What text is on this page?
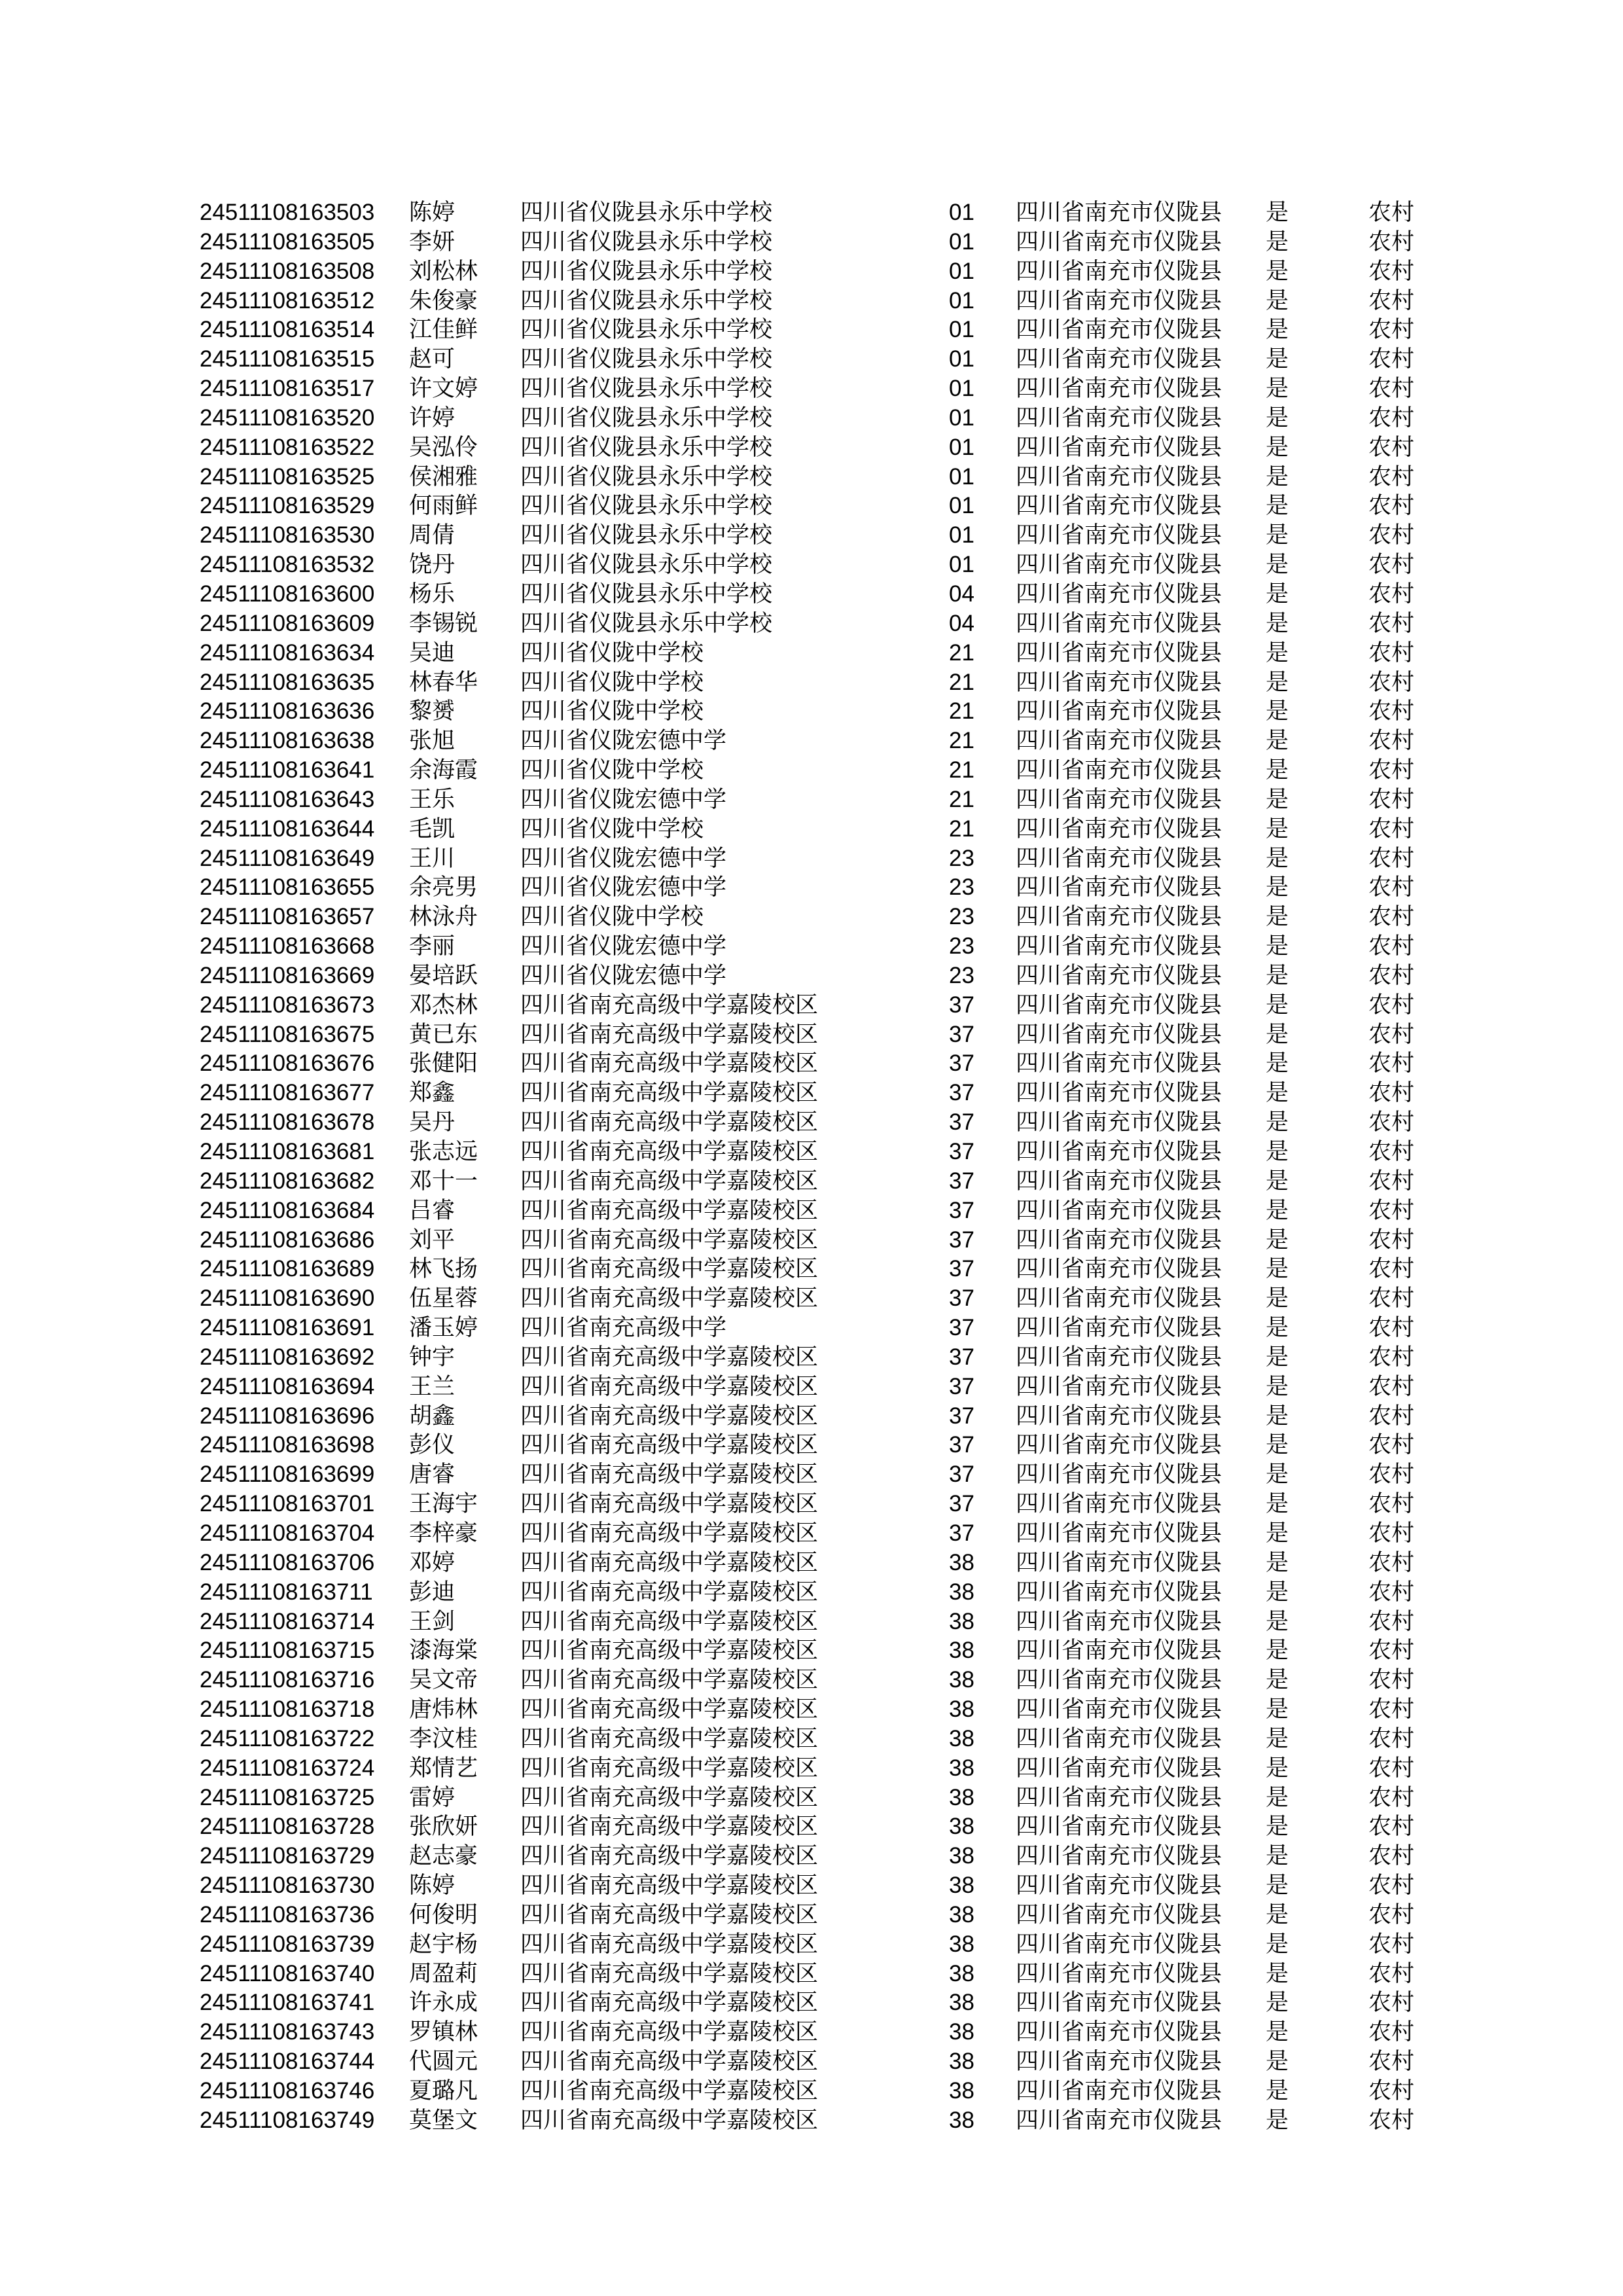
24511108163503	陈婷	四川省仪陇县永乐中学校	01	四川省南充市仪陇县	是	农村
24511108163505	李妍	四川省仪陇县永乐中学校	01	四川省南充市仪陇县	是	农村
24511108163508	刘松林	四川省仪陇县永乐中学校	01	四川省南充市仪陇县	是	农村
24511108163512	朱俊豪	四川省仪陇县永乐中学校	01	四川省南充市仪陇县	是	农村
24511108163514	江佳鲜	四川省仪陇县永乐中学校	01	四川省南充市仪陇县	是	农村
24511108163515	赵可	四川省仪陇县永乐中学校	01	四川省南充市仪陇县	是	农村
24511108163517	许文婷	四川省仪陇县永乐中学校	01	四川省南充市仪陇县	是	农村
24511108163520	许婷	四川省仪陇县永乐中学校	01	四川省南充市仪陇县	是	农村
24511108163522	吴泓伶	四川省仪陇县永乐中学校	01	四川省南充市仪陇县	是	农村
24511108163525	侯湘雅	四川省仪陇县永乐中学校	01	四川省南充市仪陇县	是	农村
24511108163529	何雨鲜	四川省仪陇县永乐中学校	01	四川省南充市仪陇县	是	农村
24511108163530	周倩	四川省仪陇县永乐中学校	01	四川省南充市仪陇县	是	农村
24511108163532	饶丹	四川省仪陇县永乐中学校	01	四川省南充市仪陇县	是	农村
24511108163600	杨乐	四川省仪陇县永乐中学校	04	四川省南充市仪陇县	是	农村
24511108163609	李锡锐	四川省仪陇县永乐中学校	04	四川省南充市仪陇县	是	农村
24511108163634	吴迪	四川省仪陇中学校	21	四川省南充市仪陇县	是	农村
24511108163635	林春华	四川省仪陇中学校	21	四川省南充市仪陇县	是	农村
24511108163636	黎赟	四川省仪陇中学校	21	四川省南充市仪陇县	是	农村
24511108163638	张旭	四川省仪陇宏德中学	21	四川省南充市仪陇县	是	农村
24511108163641	余海霞	四川省仪陇中学校	21	四川省南充市仪陇县	是	农村
24511108163643	王乐	四川省仪陇宏德中学	21	四川省南充市仪陇县	是	农村
24511108163644	毛凯	四川省仪陇中学校	21	四川省南充市仪陇县	是	农村
24511108163649	王川	四川省仪陇宏德中学	23	四川省南充市仪陇县	是	农村
24511108163655	余亮男	四川省仪陇宏德中学	23	四川省南充市仪陇县	是	农村
24511108163657	林泳舟	四川省仪陇中学校	23	四川省南充市仪陇县	是	农村
24511108163668	李丽	四川省仪陇宏德中学	23	四川省南充市仪陇县	是	农村
24511108163669	晏培跃	四川省仪陇宏德中学	23	四川省南充市仪陇县	是	农村
24511108163673	邓杰林	四川省南充高级中学嘉陵校区	37	四川省南充市仪陇县	是	农村
24511108163675	黄已东	四川省南充高级中学嘉陵校区	37	四川省南充市仪陇县	是	农村
24511108163676	张健阳	四川省南充高级中学嘉陵校区	37	四川省南充市仪陇县	是	农村
24511108163677	郑鑫	四川省南充高级中学嘉陵校区	37	四川省南充市仪陇县	是	农村
24511108163678	吴丹	四川省南充高级中学嘉陵校区	37	四川省南充市仪陇县	是	农村
24511108163681	张志远	四川省南充高级中学嘉陵校区	37	四川省南充市仪陇县	是	农村
24511108163682	邓十一	四川省南充高级中学嘉陵校区	37	四川省南充市仪陇县	是	农村
24511108163684	吕睿	四川省南充高级中学嘉陵校区	37	四川省南充市仪陇县	是	农村
24511108163686	刘平	四川省南充高级中学嘉陵校区	37	四川省南充市仪陇县	是	农村
24511108163689	林飞扬	四川省南充高级中学嘉陵校区	37	四川省南充市仪陇县	是	农村
24511108163690	伍星蓉	四川省南充高级中学嘉陵校区	37	四川省南充市仪陇县	是	农村
24511108163691	潘玉婷	四川省南充高级中学	37	四川省南充市仪陇县	是	农村
24511108163692	钟宇	四川省南充高级中学嘉陵校区	37	四川省南充市仪陇县	是	农村
24511108163694	王兰	四川省南充高级中学嘉陵校区	37	四川省南充市仪陇县	是	农村
24511108163696	胡鑫	四川省南充高级中学嘉陵校区	37	四川省南充市仪陇县	是	农村
24511108163698	彭仪	四川省南充高级中学嘉陵校区	37	四川省南充市仪陇县	是	农村
24511108163699	唐睿	四川省南充高级中学嘉陵校区	37	四川省南充市仪陇县	是	农村
24511108163701	王海宇	四川省南充高级中学嘉陵校区	37	四川省南充市仪陇县	是	农村
24511108163704	李梓豪	四川省南充高级中学嘉陵校区	37	四川省南充市仪陇县	是	农村
24511108163706	邓婷	四川省南充高级中学嘉陵校区	38	四川省南充市仪陇县	是	农村
24511108163711	彭迪	四川省南充高级中学嘉陵校区	38	四川省南充市仪陇县	是	农村
24511108163714	王剑	四川省南充高级中学嘉陵校区	38	四川省南充市仪陇县	是	农村
24511108163715	漆海棠	四川省南充高级中学嘉陵校区	38	四川省南充市仪陇县	是	农村
24511108163716	吴文帝	四川省南充高级中学嘉陵校区	38	四川省南充市仪陇县	是	农村
24511108163718	唐炜林	四川省南充高级中学嘉陵校区	38	四川省南充市仪陇县	是	农村
24511108163722	李汶桂	四川省南充高级中学嘉陵校区	38	四川省南充市仪陇县	是	农村
24511108163724	郑情艺	四川省南充高级中学嘉陵校区	38	四川省南充市仪陇县	是	农村
24511108163725	雷婷	四川省南充高级中学嘉陵校区	38	四川省南充市仪陇县	是	农村
24511108163728	张欣妍	四川省南充高级中学嘉陵校区	38	四川省南充市仪陇县	是	农村
24511108163729	赵志豪	四川省南充高级中学嘉陵校区	38	四川省南充市仪陇县	是	农村
24511108163730	陈婷	四川省南充高级中学嘉陵校区	38	四川省南充市仪陇县	是	农村
24511108163736	何俊明	四川省南充高级中学嘉陵校区	38	四川省南充市仪陇县	是	农村
24511108163739	赵宇杨	四川省南充高级中学嘉陵校区	38	四川省南充市仪陇县	是	农村
24511108163740	周盈莉	四川省南充高级中学嘉陵校区	38	四川省南充市仪陇县	是	农村
24511108163741	许永成	四川省南充高级中学嘉陵校区	38	四川省南充市仪陇县	是	农村
24511108163743	罗镇林	四川省南充高级中学嘉陵校区	38	四川省南充市仪陇县	是	农村
24511108163744	代圆元	四川省南充高级中学嘉陵校区	38	四川省南充市仪陇县	是	农村
24511108163746	夏璐凡	四川省南充高级中学嘉陵校区	38	四川省南充市仪陇县	是	农村
24511108163749	莫堡文	四川省南充高级中学嘉陵校区	38	四川省南充市仪陇县	是	农村
